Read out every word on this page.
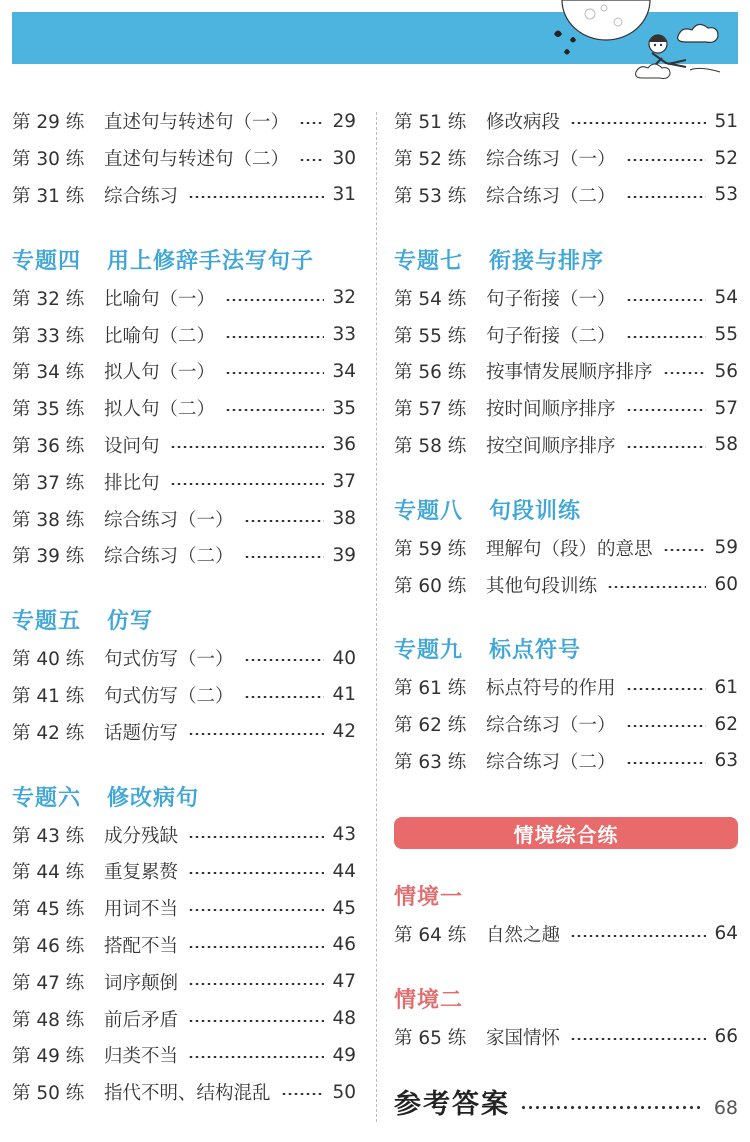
第 29 练	直述句与转述句（一） 29
第 30 练	直述句与转述句（二） 30
第 31 练	综合练习	31
专题四 用上修辞手法写句子
第 32 练	比喻句（一）	32
第 33 练	比喻句（二）	33
第 34 练	拟人句（一）	34
第 35 练	拟人句（二）	35
第 36 练	设问句	36
第 37 练	排比句	37
第 38 练	综合练习（一）	38
第 39 练	综合练习（二）	39
专题五 仿写
第 40 练	句式仿写（一）	40
第 41 练	句式仿写（二）	41
第 42 练	话题仿写	42
专题六 修改病句
第 43 练	成分残缺	43
第 44 练	重复累赘	44
第 45 练	用词不当	45
第 46 练	搭配不当	46
第 47 练	词序颠倒	47
第 48 练	前后矛盾	48
第 49 练	归类不当	49
第 50 练	指代不明、结构混乱	50
第 51 练	修改病段	51
第 52 练	综合练习（一）	52
第 53 练	综合练习（二）	53
专题七 衔接与排序
第 54 练	句子衔接（一）	54
第 55 练	句子衔接（二）	55
第 56 练	按事情发展顺序排序	56
第 57 练	按时间顺序排序	57
第 58 练	按空间顺序排序	58
专题八 句段训练
第 59 练	理解句（段）的意思	59
第 60 练	其他句段训练	60
专题九 标点符号
第 61 练	标点符号的作用	61
第 62 练	综合练习（一）	62
第 63 练	综合练习（二）	63
情境综合练
情境一
第 64 练	自然之趣	64
情境二
第 65 练	家国情怀	66
参考答案	68
